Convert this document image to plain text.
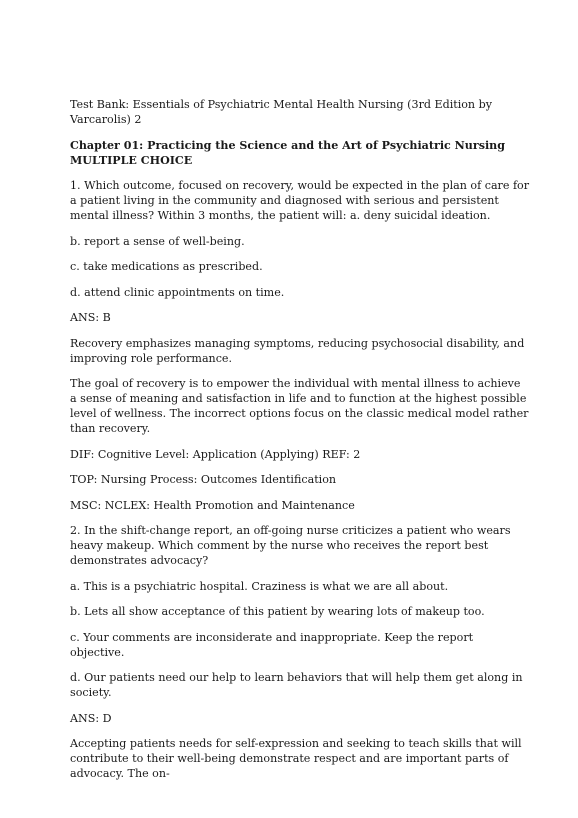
Test Bank: Essentials of Psychiatric Mental Health Nursing (3rd Edition by Varcarolis) 2

Chapter 01: Practicing the Science and the Art of Psychiatric Nursing MULTIPLE CHOICE

1. Which outcome, focused on recovery, would be expected in the plan of care for a patient living in the community and diagnosed with serious and persistent mental illness? Within 3 months, the patient will: a. deny suicidal ideation.

b. report a sense of well-being.

c. take medications as prescribed.

d. attend clinic appointments on time.

ANS: B

Recovery emphasizes managing symptoms, reducing psychosocial disability, and improving role performance.

The goal of recovery is to empower the individual with mental illness to achieve a sense of meaning and satisfaction in life and to function at the highest possible level of wellness. The incorrect options focus on the classic medical model rather than recovery.

DIF: Cognitive Level: Application (Applying) REF: 2

TOP: Nursing Process: Outcomes Identification

MSC: NCLEX: Health Promotion and Maintenance

2. In the shift-change report, an off-going nurse criticizes a patient who wears heavy makeup. Which comment by the nurse who receives the report best demonstrates advocacy?

a. This is a psychiatric hospital. Craziness is what we are all about.

b. Lets all show acceptance of this patient by wearing lots of makeup too.

c. Your comments are inconsiderate and inappropriate. Keep the report objective.

d. Our patients need our help to learn behaviors that will help them get along in society.

ANS: D

Accepting patients needs for self-expression and seeking to teach skills that will contribute to their well-being demonstrate respect and are important parts of advocacy. The on-
